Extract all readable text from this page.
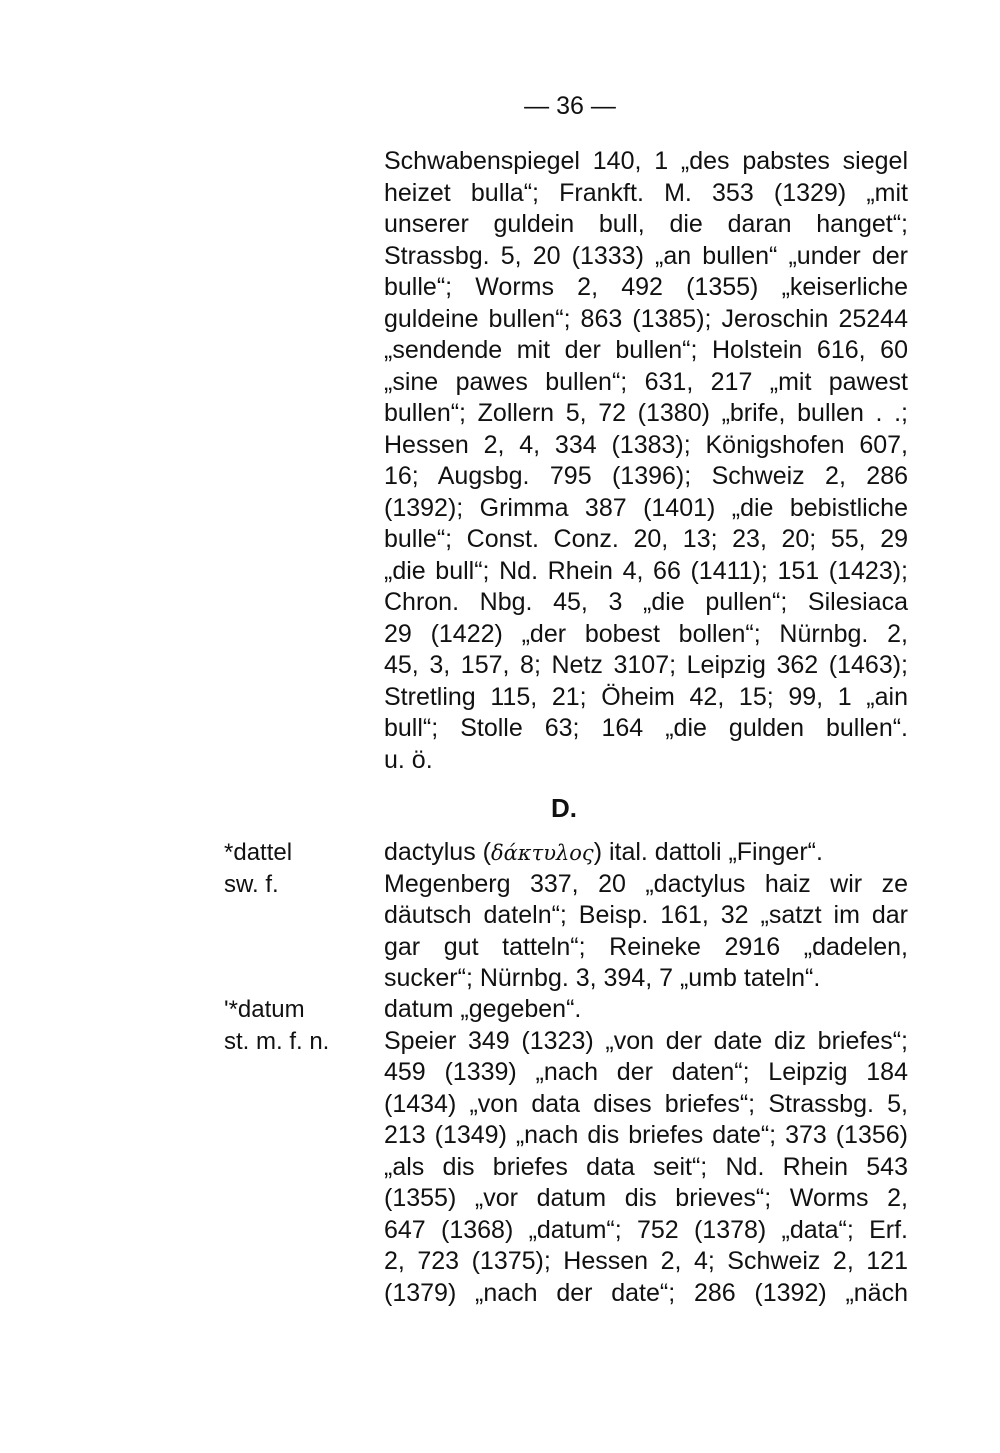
— 36 —
Schwabenspiegel 140, 1 „des pabstes siegel
heizet bulla“; Frankft. M. 353 (1329) „mit
unserer guldein bull, die daran hanget“;
Strassbg. 5, 20 (1333) „an bullen“ „under der
bulle“; Worms 2, 492 (1355) „keiserliche
guldeine bullen“; 863 (1385); Jeroschin 25244
„sendende mit der bullen“; Holstein 616, 60
„sine pawes bullen“; 631, 217 „mit pawest
bullen“; Zollern 5, 72 (1380) „brife, bullen . .;
Hessen 2, 4, 334 (1383); Königshofen 607,
16; Augsbg. 795 (1396); Schweiz 2, 286
(1392); Grimma 387 (1401) „die bebistliche
bulle“; Const. Conz. 20, 13; 23, 20; 55, 29
„die bull“; Nd. Rhein 4, 66 (1411); 151 (1423);
Chron. Nbg. 45, 3 „die pullen“; Silesiaca
29 (1422) „der bobest bollen“; Nürnbg. 2,
45, 3, 157, 8; Netz 3107; Leipzig 362 (1463);
Stretling 115, 21; Öheim 42, 15; 99, 1 „ain
bull“; Stolle 63; 164 „die gulden bullen“.
u. ö.
D.
*dattel
sw. f.
dactylus (δάκτυλος) ital. dattoli „Finger“.
Megenberg 337, 20 „dactylus haiz wir ze
däutsch dateln“; Beisp. 161, 32 „satzt im dar
gar gut tatteln“; Reineke 2916 „dadelen,
sucker“; Nürnbg. 3, 394, 7 „umb tateln“.
'*datum
st. m. f. n.
datum „gegeben“.
Speier 349 (1323) „von der date diz briefes“;
459 (1339) „nach der daten“; Leipzig 184
(1434) „von data dises briefes“; Strassbg. 5,
213 (1349) „nach dis briefes date“; 373 (1356)
„als dis briefes data seit“; Nd. Rhein 543
(1355) „vor datum dis brieves“; Worms 2,
647 (1368) „datum“; 752 (1378) „data“; Erf.
2, 723 (1375); Hessen 2, 4; Schweiz 2, 121
(1379) „nach der date“; 286 (1392) „näch
